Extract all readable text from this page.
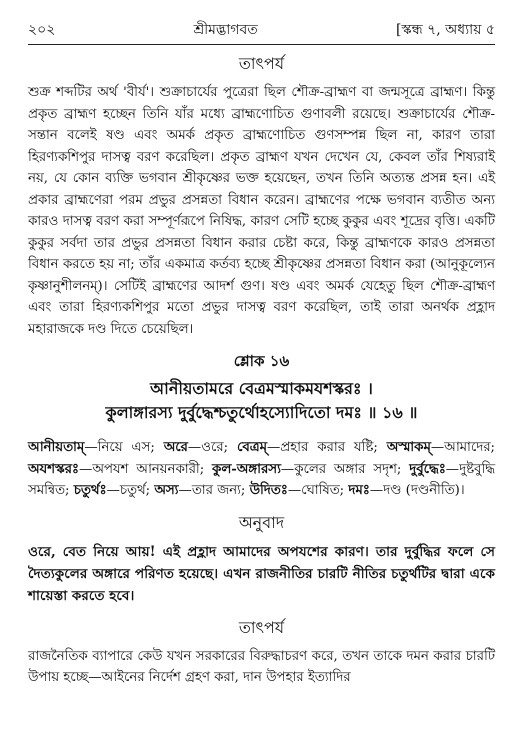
২০২	শ্রীমদ্ভাগবত	[স্কন্ধ ৭, অধ্যায় ৫
তাৎপর্য

শুক্র শব্দটির অর্থ 'বীর্য'। শুক্রাচার্যের পুত্রেরা ছিল শৌক্র-ব্রাহ্মণ বা জন্মসূত্রে ব্রাহ্মণ। কিন্তু প্রকৃত ব্রাহ্মণ হচ্ছেন তিনি যাঁর মধ্যে ব্রাহ্মণোচিত গুণাবলী রয়েছে। শুক্রাচার্যের শৌক্র-সন্তান বলেই ষণ্ড এবং অমর্ক প্রকৃত ব্রাহ্মণোচিত গুণসম্পন্ন ছিল না, কারণ তারা হিরণ্যকশিপুর দাসত্ব বরণ করেছিল। প্রকৃত ব্রাহ্মণ যখন দেখেন যে, কেবল তাঁর শিষ্যরাই নয়, যে কোন ব্যক্তি ভগবান শ্রীকৃষ্ণের ভক্ত হয়েছেন, তখন তিনি অত্যন্ত প্রসন্ন হন। এই প্রকার ব্রাহ্মণেরা পরম প্রভুর প্রসন্নতা বিধান করেন। ব্রাহ্মণের পক্ষে ভগবান ব্যতীত অন্য কারও দাসত্ব বরণ করা সম্পূর্ণরূপে নিষিদ্ধ, কারণ সেটি হচ্ছে কুকুর এবং শূদ্রের বৃত্তি। একটি কুকুর সর্বদা তার প্রভুর প্রসন্নতা বিধান করার চেষ্টা করে, কিন্তু ব্রাহ্মণকে কারও প্রসন্নতা বিধান করতে হয় না; তাঁর একমাত্র কর্তব্য হচ্ছে শ্রীকৃষ্ণের প্রসন্নতা বিধান করা (আনুকূল্যেন কৃষ্ণানুশীলনম্)। সেটিই ব্রাহ্মণের আদর্শ গুণ। ষণ্ড এবং অমর্ক যেহেতু ছিল শৌক্র-ব্রাহ্মণ এবং তারা হিরণ্যকশিপুর মতো প্রভুর দাসত্ব বরণ করেছিল, তাই তারা অনর্থক প্রহ্লাদ মহারাজকে দণ্ড দিতে চেয়েছিল।

শ্লোক ১৬

আনীয়তামরে বেত্রমস্মাকমযশস্করঃ ।

কুলাঙ্গারস্য দুর্বুদ্ধেশ্চতুর্থোহস্যোদিতো দমঃ ॥ ১৬ ॥

আনীয়তাম্—নিয়ে এস; অরে—ওরে; বেত্রম্—প্রহার করার যষ্টি; অস্মাকম্—আমাদের; অযশস্করঃ—অপযশ আনয়নকারী; কুল-অঙ্গারস্য—কুলের অঙ্গার সদৃশ; দুর্বুদ্ধেঃ—দুষ্টবুদ্ধি সমন্বিত; চতুর্থঃ—চতুর্থ; অস্য—তার জন্য; উদিতঃ—ঘোষিত; দমঃ—দণ্ড (দণ্ডনীতি)।

অনুবাদ

ওরে, বেত নিয়ে আয়! এই প্রহ্লাদ আমাদের অপযশের কারণ। তার দুর্বুদ্ধির ফলে সে দৈত্যকুলের অঙ্গারে পরিণত হয়েছে। এখন রাজনীতির চারটি নীতির চতুর্থটির দ্বারা একে শায়েস্তা করতে হবে।

তাৎপর্য

রাজনৈতিক ব্যাপারে কেউ যখন সরকারের বিরুদ্ধাচরণ করে, তখন তাকে দমন করার চারটি উপায় হচ্ছে—আইনের নির্দেশ গ্রহণ করা, দান উপহার ইত্যাদির
